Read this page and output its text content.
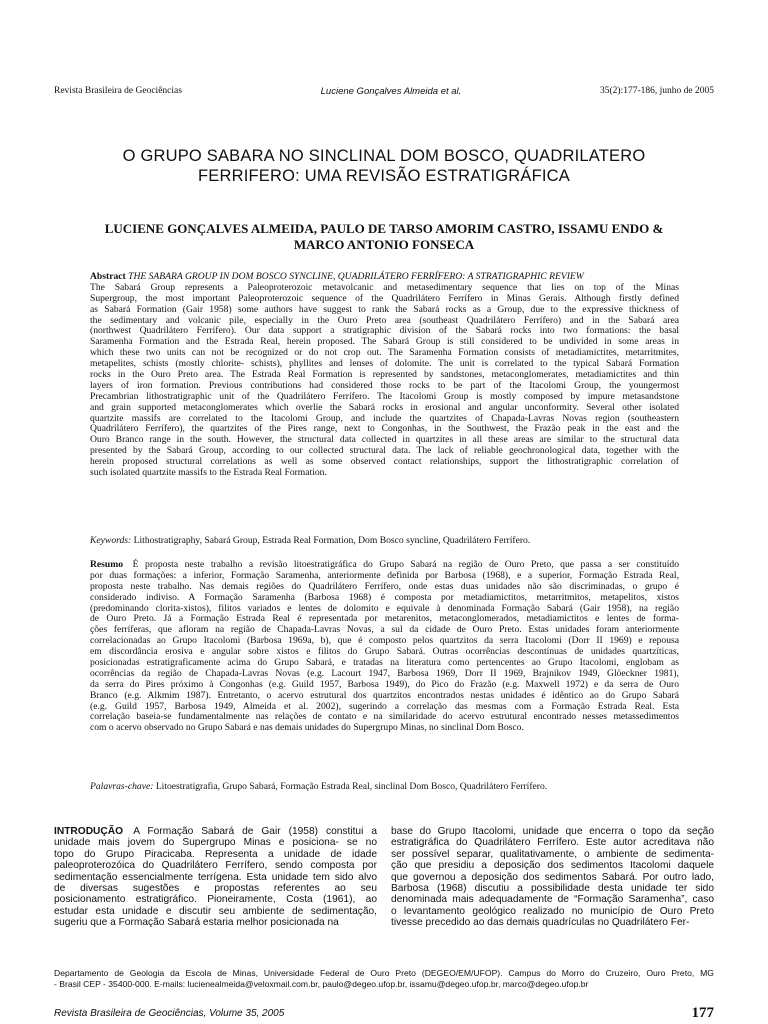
Revista Brasileira de Geociências	Luciene Gonçalves Almeida et al.	35(2):177-186, junho de 2005
O GRUPO SABARA NO SINCLINAL DOM BOSCO, QUADRILATERO
FERRIFERO: UMA REVISÃO ESTRATIGRÁFICA
LUCIENE GONÇALVES ALMEIDA, PAULO DE TARSO AMORIM CASTRO, ISSAMU ENDO &
MARCO ANTONIO FONSECA
Abstract THE SABARA GROUP IN DOM BOSCO SYNCLINE, QUADRILÁTERO FERRÍFERO: A STRATIGRAPHIC REVIEW
The Sabará Group represents a Paleoproterozoic metavolcanic and metasedimentary sequence that lies on top of the Minas
Supergroup, the most important Paleoproterozoic sequence of the Quadrilátero Ferrífero in Minas Gerais. Although firstly defined
as Sabará Formation (Gair 1958) some authors have suggest to rank the Sabará rocks as a Group, due to the expressive thickness of
the sedimentary and volcanic pile, especially in the Ouro Preto area (southeast Quadrilátero Ferrífero) and in the Sabará area
(northwest Quadrilátero Ferrífero). Our data support a stratigraphic division of the Sabará rocks into two formations: the basal
Saramenha Formation and the Estrada Real, herein proposed. The Sabará Group is still considered to be undivided in some areas in
which these two units can not be recognized or do not crop out. The Saramenha Formation consists of metadiamictites, metarritmites,
metapelites, schists (mostly chlorite- schists), phyllites and lenses of dolomite. The unit is correlated to the typical Sabará Formation
rocks in the Ouro Preto area. The Estrada Real Formation is represented by sandstones, metaconglomerates, metadiamictites and thin
layers of iron formation. Previous contributions had considered those rocks to be part of the Itacolomi Group, the youngermost
Precambrian lithostratigraphic unit of the Quadrilátero Ferrífero. The Itacolomi Group is mostly composed by impure metasandstone
and grain supported metaconglomerates which overlie the Sabará rocks in erosional and angular unconformity. Several other isolated
quartzite massifs are correlated to the Itacolomi Group, and include the quartzites of Chapada-Lavras Novas region (southeastern
Quadrilátero Ferrífero), the quartzites of the Pires range, next to Congonhas, in the Southwest, the Frazão peak in the east and the
Ouro Branco range in the south. However, the structural data collected in quartzites in all these areas are similar to the structural data
presented by the Sabará Group, according to our collected structural data. The lack of reliable geochronological data, together with the
herein proposed structural correlations as well as some observed contact relationships, support the lithostratigraphic correlation of
such isolated quartzite massifs to the Estrada Real Formation.
Keywords: Lithostratigraphy, Sabará Group, Estrada Real Formation, Dom Bosco syncline, Quadrilátero Ferrífero.
Resumo   É proposta neste trabalho a revisão litoestratigráfica do Grupo Sabará na região de Ouro Preto, que passa a ser constituído
por duas formações: a inferior, Formação Saramenha, anteriormente definida por Barbosa (1968), e a superior, Formação Estrada Real,
proposta neste trabalho. Nas demais regiões do Quadrilátero Ferrífero, onde estas duas unidades não são discriminadas, o grupo é
considerado indiviso. A Formação Saramenha (Barbosa 1968) é composta por metadiamictitos, metarritmitos, metapelitos, xistos
(predominando clorita-xistos), filitos variados e lentes de dolomito e equivale à denominada Formação Sabará (Gair 1958), na região
de Ouro Preto. Já a Formação Estrada Real é representada por metarenitos, metaconglomerados, metadiamictitos e lentes de forma-
ções ferríferas, que afloram na região de Chapada-Lavras Novas, a sul da cidade de Ouro Preto. Estas unidades foram anteriormente
correlacionadas ao Grupo Itacolomi (Barbosa 1969a, b), que é composto pelos quartzitos da serra Itacolomi (Dorr II 1969) e repousa
em discordância erosiva e angular sobre xistos e filitos do Grupo Sabará. Outras ocorrências descontínuas de unidades quartzíticas,
posicionadas estratigraficamente acima do Grupo Sabará, e tratadas na literatura como pertencentes ao Grupo Itacolomi, englobam as
ocorrências da região de Chapada-Lavras Novas (e.g. Lacourt 1947, Barbosa 1969, Dorr II 1969, Brajnikov 1949, Glöeckner 1981),
da serra do Pires próximo à Congonhas (e.g. Guild 1957, Barbosa 1949), do Pico do Frazão (e.g. Maxwell 1972) e da serra de Ouro
Branco (e.g. Alkmim 1987). Entretanto, o acervo estrutural dos quartzitos encontrados nestas unidades é idêntico ao do Grupo Sabará
(e.g. Guild 1957, Barbosa 1949, Almeida et al. 2002), sugerindo a correlação das mesmas com a Formação Estrada Real. Esta
correlação baseia-se fundamentalmente nas relações de contato e na similaridade do acervo estrutural encontrado nesses metassedimentos
com o acervo observado no Grupo Sabará e nas demais unidades do Supergrupo Minas, no sinclinal Dom Bosco.
Palavras-chave: Litoestratigrafia, Grupo Sabará, Formação Estrada Real, sinclinal Dom Bosco, Quadrilátero Ferrífero.
INTRODUÇÃO   A Formação Sabará de Gair (1958) constitui a
unidade mais jovem do Supergrupo Minas e posiciona- se no
topo do Grupo Piracicaba. Representa a unidade de idade
paleoproterozóica do Quadrilátero Ferrífero, sendo composta por
sedimentação essencialmente terrígena. Esta unidade tem sido alvo
de diversas sugestões e propostas referentes ao seu
posicionamento estratigráfico. Pioneiramente, Costa (1961), ao
estudar esta unidade e discutir seu ambiente de sedimentação,
sugeriu que a Formação Sabará estaria melhor posicionada na
base do Grupo Itacolomi, unidade que encerra o topo da seção
estratigráfica do Quadrilátero Ferrífero. Este autor acreditava não
ser possível separar, qualitativamente, o ambiente de sedimenta-
ção que presidiu a deposição dos sedimentos Itacolomi daquele
que governou a deposição dos sedimentos Sabará. Por outro lado,
Barbosa (1968) discutiu a possibilidade desta unidade ter sido
denominada mais adequadamente de “Formação Saramenha”, caso
o levantamento geológico realizado no município de Ouro Preto
tivesse precedido ao das demais quadrículas no Quadrilátero Fer-
Departamento de Geologia da Escola de Minas, Universidade Federal de Ouro Preto (DEGEO/EM/UFOP). Campus do Morro do Cruzeiro, Ouro Preto, MG
- Brasil CEP - 35400-000. E-mails: lucienealmeida@veloxmail.com.br, paulo@degeo.ufop.br, issamu@degeo.ufop.br, marco@degeo.ufop.br
Revista Brasileira de Geociências, Volume 35, 2005	177
